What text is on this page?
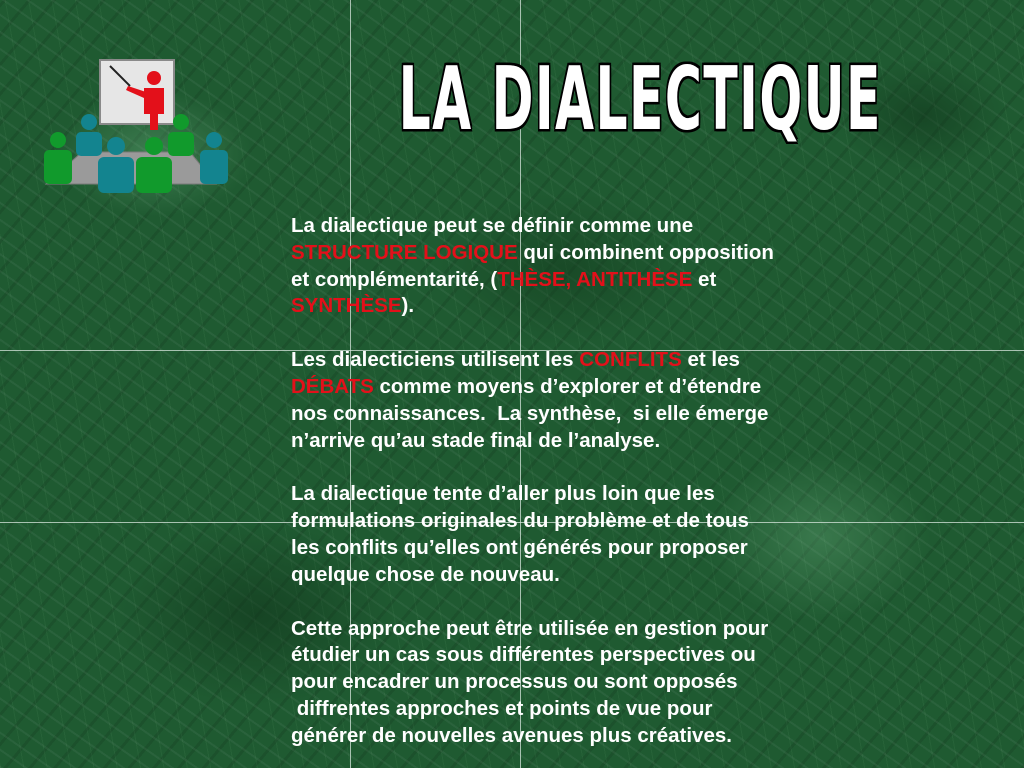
LA DIALECTIQUE

La dialectique peut se définir comme une
STRUCTURE LOGIQUE qui combinent opposition
et complémentarité, (THÈSE, ANTITHÈSE et
SYNTHÈSE).

Les dialecticiens utilisent les CONFLITS et les
DÉBATS comme moyens d’explorer et d’étendre
nos connaissances.  La synthèse,  si elle émerge
n’arrive qu’au stade final de l’analyse.

La dialectique tente d’aller plus loin que les
formulations originales du problème et de tous
les conflits qu’elles ont générés pour proposer
quelque chose de nouveau.

Cette approche peut être utilisée en gestion pour
étudier un cas sous différentes perspectives ou
pour encadrer un processus ou sont opposés
diffrentes approches et points de vue pour
générer de nouvelles avenues plus créatives.
